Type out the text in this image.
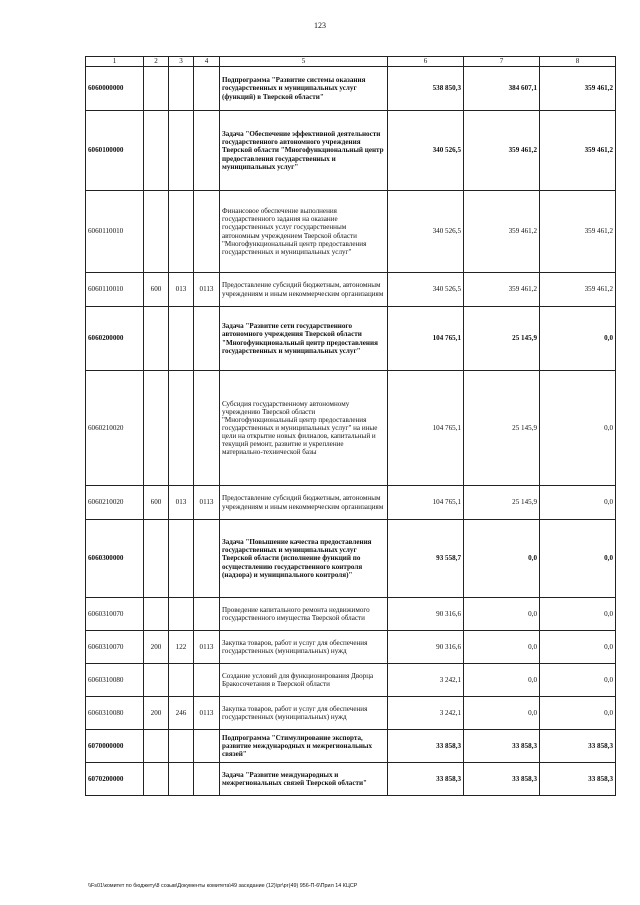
123
1	2	3	4	5	6	7	8
6060000000				Подпрограмма "Развитие системы оказания государственных и муниципальных услуг (функций) в Тверской области"	538 850,3	384 607,1	359 461,2
6060100000				Задача "Обеспечение эффективной деятельности государственного автономного учреждения Тверской области "Многофункциональный центр предоставления государственных и муниципальных услуг"	340 526,5	359 461,2	359 461,2
6060110010				Финансовое обеспечение выполнения государственного задания на оказание государственных услуг государственным автономным учреждением Тверской области "Многофункциональный центр предоставления государственных и муниципальных услуг"	340 526,5	359 461,2	359 461,2
6060110010	600	013	0113	Предоставление субсидий бюджетным, автономным учреждениям и иным некоммерческим организациям	340 526,5	359 461,2	359 461,2
6060200000				Задача "Развитие сети государственного автономного учреждения Тверской области "Многофункциональный центр предоставления государственных и муниципальных услуг"	104 765,1	25 145,9	0,0
6060210020				Субсидия государственному автономному учреждению Тверской области "Многофункциональный центр предоставления государственных и муниципальных услуг" на иные цели на открытие новых филиалов, капитальный и текущий ремонт, развитие и укрепление материально-технической базы	104 765,1	25 145,9	0,0
6060210020	600	013	0113	Предоставление субсидий бюджетным, автономным учреждениям и иным некоммерческим организациям	104 765,1	25 145,9	0,0
6060300000				Задача "Повышение качества предоставления государственных и муниципальных услуг Тверской области (исполнение функций по осуществлению государственного контроля (надзора) и муниципального контроля)"	93 558,7	0,0	0,0
6060310070				Проведение капитального ремонта недвижимого государственного имущества Тверской области	90 316,6	0,0	0,0
6060310070	200	122	0113	Закупка товаров, работ и услуг для обеспечения государственных (муниципальных) нужд	90 316,6	0,0	0,0
6060310080				Создание условий для функционирования Дворца Бракосочетания в Тверской области	3 242,1	0,0	0,0
6060310080	200	246	0113	Закупка товаров, работ и услуг для обеспечения государственных (муниципальных) нужд	3 242,1	0,0	0,0
6070000000				Подпрограмма "Стимулирование экспорта, развитие международных и межрегиональных связей"	33 858,3	33 858,3	33 858,3
6070200000				Задача "Развитие международных и межрегиональных связей Тверской области"	33 858,3	33 858,3	33 858,3
\\Fs01\комитет по бюджету\8 созыв\Документы комитета\49 заседание (12)\рг\рг(49) 956-П-6\Прил 14 КЦСР
